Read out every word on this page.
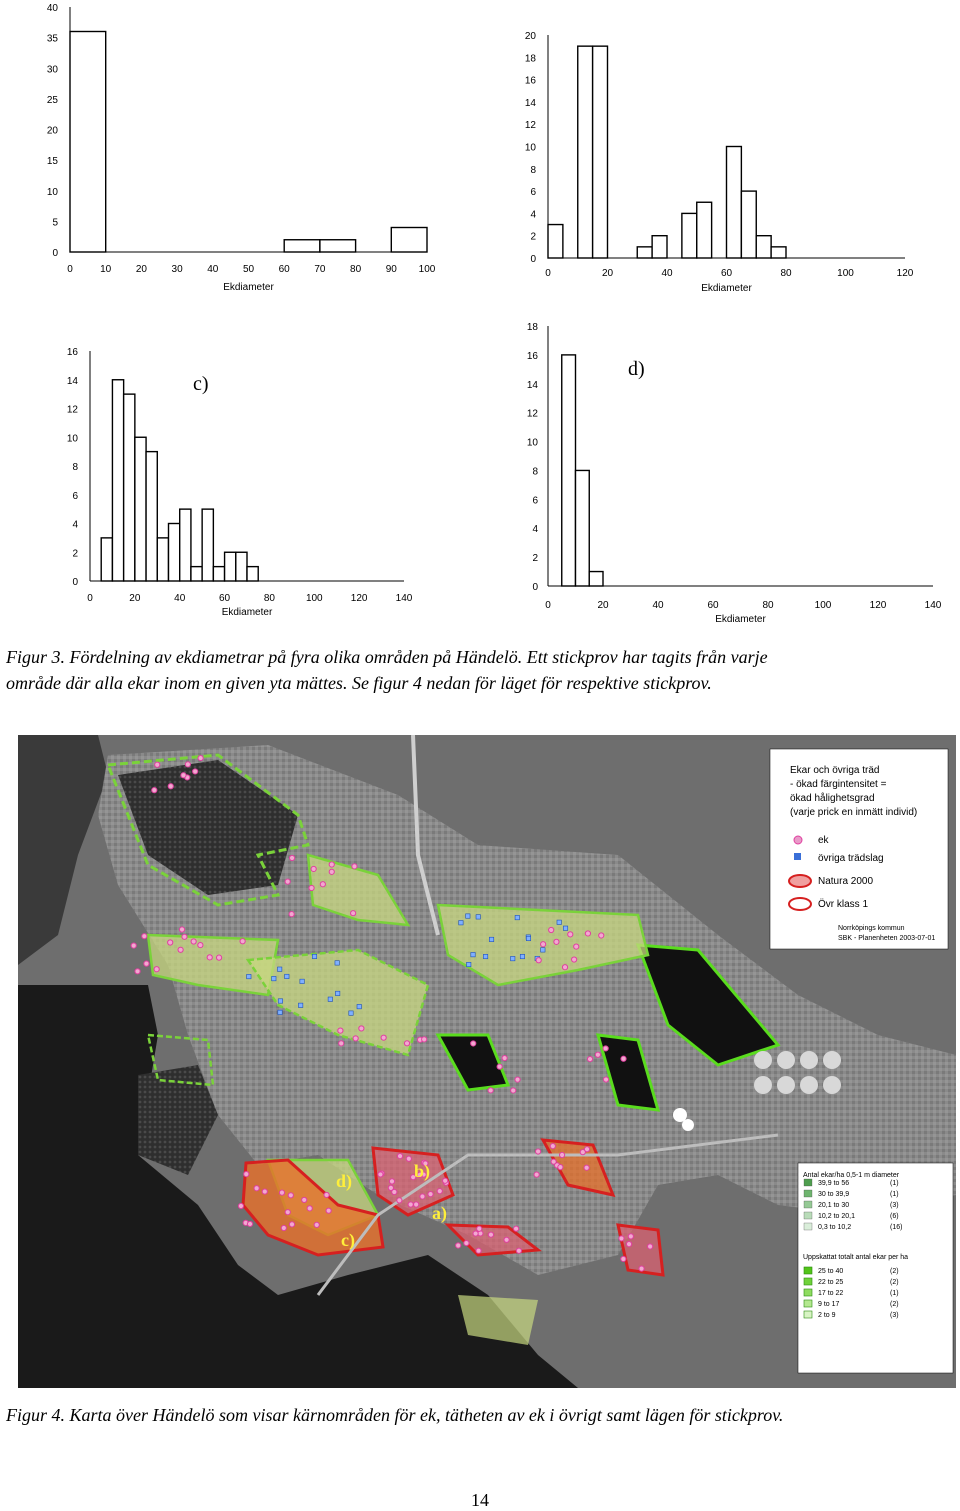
0
5
10
15
20
25
30
35
40
0	10 20 30 40 50 60 70 80 90 100
Ekdiameter
0
2
4
6
8
10
12
14
16
18
20
0	20	40	60	80	100	120
Ekdiameter
0
2
4
6
8
10
12
14
16
0	20	40	60	80	100	120	140
Ekdiameter
c)
0
2
4
6
8
10
12
14
16
18
0	20	40	60	80	100	120	140
Ekdiameter
d)
Figur 3. Fördelning av ekdiametrar på fyra olika områden på Händelö. Ett stickprov har tagits från varje
område där alla ekar inom en given yta mättes. Se figur 4 nedan för läget för respektive stickprov.
d)	b)
a)
c)
Ekar och övriga träd
- ökad färgintensitet =
ökad hålighetsgrad
(varje prick en inmätt individ)
ek
övriga trädslag
Natura 2000
Övr klass 1
Norrköpings kommun
SBK - Planenheten 2003-07-01
Antal ekar/ha 0,5-1 m diameter
Uppskattat totalt antal ekar per ha
39,9 to 56	(1)
30 to 39,9	(1)
20,1 to 30	(3)
10,2 to 20,1	(6)
0,3 to 10,2	(16)
25 to 40	(2)
22 to 25	(2)
17 to 22	(1)
9 to 17	(2)
2 to 9	(3)
Figur 4. Karta över Händelö som visar kärnområden för ek, tätheten av ek i övrigt samt lägen för stickprov.
14
